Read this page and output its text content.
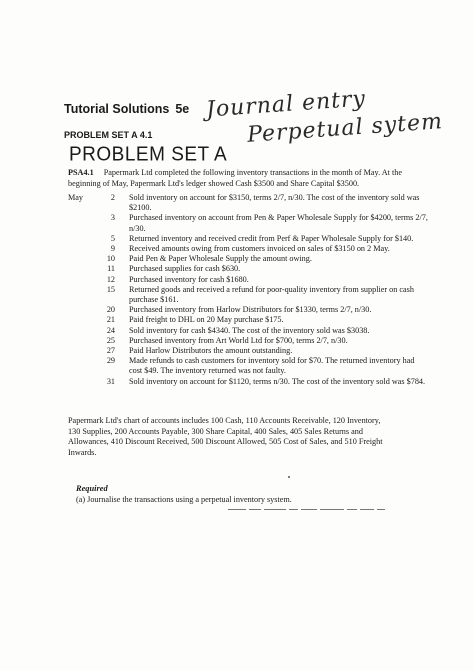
Tutorial Solutions 5e Journal entry
Perpetual sytem
PROBLEM SET A 4.1
PROBLEM SET A
PSA4.1 Papermark Ltd completed the following inventory transactions in the month of May. At the beginning of May, Papermark Ltd's ledger showed Cash $3500 and Share Capital $3500.
May	2 Sold inventory on account for $3150, terms 2/7, n/30. The cost of the inventory sold was $2100.
3 Purchased inventory on account from Pen & Paper Wholesale Supply for $4200, terms 2/7, n/30.
5 Returned inventory and received credit from Perf & Paper Wholesale Supply for $140.
9 Received amounts owing from customers invoiced on sales of $3150 on 2 May.
10 Paid Pen & Paper Wholesale Supply the amount owing.
11 Purchased supplies for cash $630.
12 Purchased inventory for cash $1680.
15 Returned goods and received a refund for poor-quality inventory from supplier on cash purchase $161.
20 Purchased inventory from Harlow Distributors for $1330, terms 2/7, n/30.
21 Paid freight to DHL on 20 May purchase $175.
24 Sold inventory for cash $4340. The cost of the inventory sold was $3038.
25 Purchased inventory from Art World Ltd for $700, terms 2/7, n/30.
27 Paid Harlow Distributors the amount outstanding.
29 Made refunds to cash customers for inventory sold for $70. The returned inventory had cost $49. The inventory returned was not faulty.
31 Sold inventory on account for $1120, terms n/30. The cost of the inventory sold was $784.
Papermark Ltd's chart of accounts includes 100 Cash, 110 Accounts Receivable, 120 Inventory, 130 Supplies, 200 Accounts Payable, 300 Share Capital, 400 Sales, 405 Sales Returns and Allowances, 410 Discount Received, 500 Discount Allowed, 505 Cost of Sales, and 510 Freight Inwards.
Required
(a) Journalise the transactions using a perpetual inventory system.
